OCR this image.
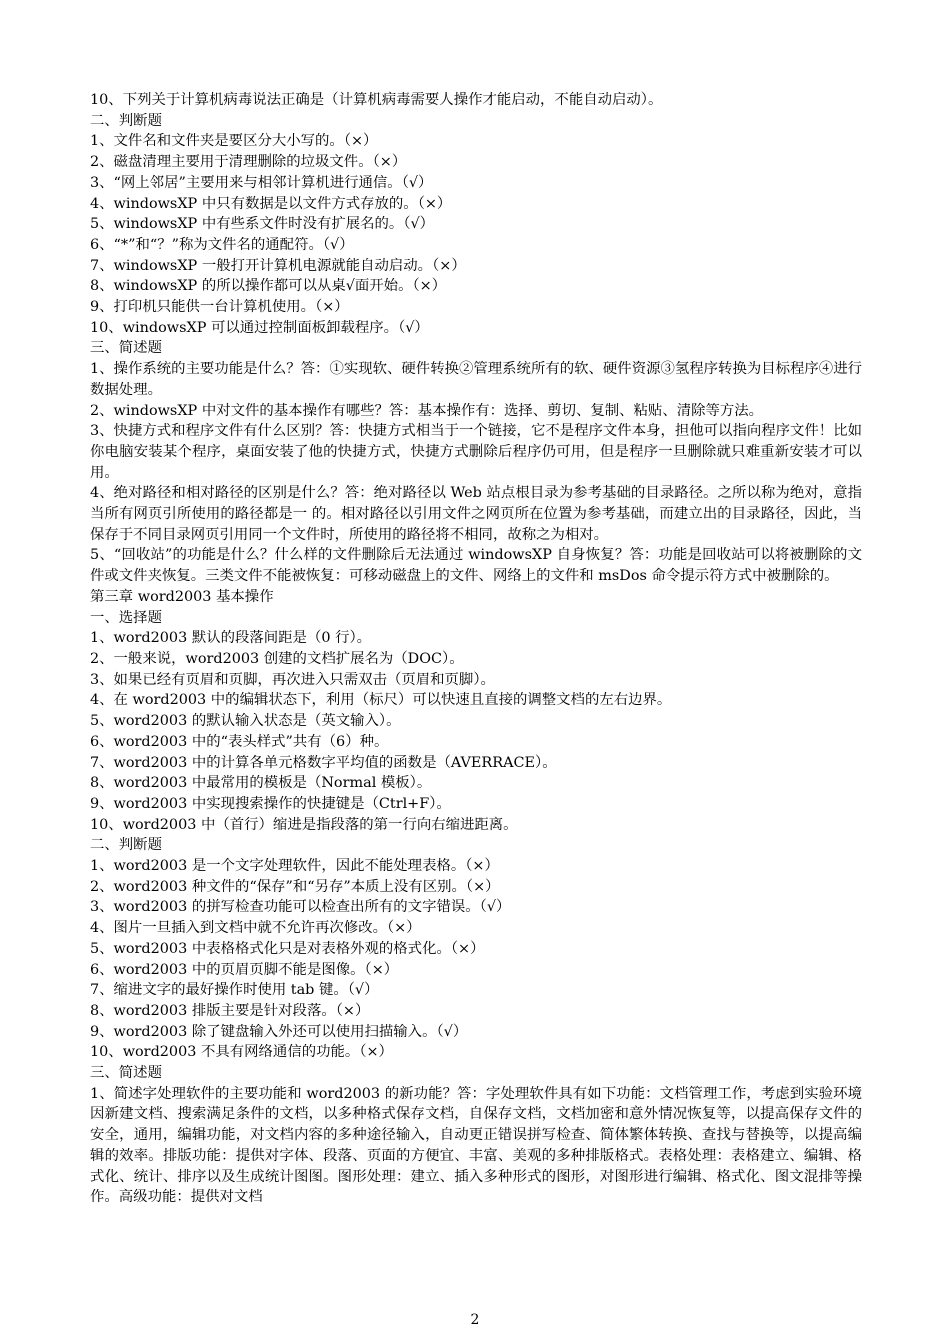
10、下列关于计算机病毒说法正确是（计算机病毒需要人操作才能启动，不能自动启动）。
二、判断题
1、文件名和文件夹是要区分大小写的。（×）
2、磁盘清理主要用于清理删除的垃圾文件。（×）
3、“网上邻居”主要用来与相邻计算机进行通信。（√）
4、windowsXP 中只有数据是以文件方式存放的。（×）
5、windowsXP 中有些系文件时没有扩展名的。（√）
6、“*”和“？”称为文件名的通配符。（√）
7、windowsXP 一般打开计算机电源就能自动启动。（×）
8、windowsXP 的所以操作都可以从桌√面开始。（×）
9、打印机只能供一台计算机使用。（×）
10、windowsXP 可以通过控制面板卸载程序。（√）
三、简述题
1、操作系统的主要功能是什么？答：①实现软、硬件转换②管理系统所有的软、硬件资源③氢程序转换为目标程序④进行数据处理。
2、windowsXP 中对文件的基本操作有哪些？答：基本操作有：选择、剪切、复制、粘贴、清除等方法。
3、快捷方式和程序文件有什么区别？答：快捷方式相当于一个链接，它不是程序文件本身，担他可以指向程序文件！比如你电脑安装某个程序，桌面安装了他的快捷方式，快捷方式删除后程序仍可用，但是程序一旦删除就只难重新安装才可以用。
4、绝对路径和相对路径的区别是什么？答：绝对路径以 Web 站点根目录为参考基础的目录路径。之所以称为绝对，意指当所有网页引所使用的路径都是一 的。相对路径以引用文件之网页所在位置为参考基础，而建立出的目录路径，因此，当保存于不同目录网页引用同一个文件时，所使用的路径将不相同，故称之为相对。
5、“回收站”的功能是什么？什么样的文件删除后无法通过 windowsXP 自身恢复？答：功能是回收站可以将被删除的文件或文件夹恢复。三类文件不能被恢复：可移动磁盘上的文件、网络上的文件和 msDos 命令提示符方式中被删除的。
第三章 word2003 基本操作
一、选择题
1、word2003 默认的段落间距是（0 行）。
2、一般来说，word2003 创建的文档扩展名为（DOC）。
3、如果已经有页眉和页脚，再次进入只需双击（页眉和页脚）。
4、在 word2003 中的编辑状态下，利用（标尺）可以快速且直接的调整文档的左右边界。
5、word2003 的默认输入状态是（英文输入）。
6、word2003 中的“表头样式”共有（6）种。
7、word2003 中的计算各单元格数字平均值的函数是（AVERRACE）。
8、word2003 中最常用的模板是（Normal 模板）。
9、word2003 中实现搜索操作的快捷键是（Ctrl+F）。
10、word2003 中（首行）缩进是指段落的第一行向右缩进距离。
二、判断题
1、word2003 是一个文字处理软件，因此不能处理表格。（×）
2、word2003 种文件的“保存”和“另存”本质上没有区别。（×）
3、word2003 的拼写检查功能可以检查出所有的文字错误。（√）
4、图片一旦插入到文档中就不允许再次修改。（×）
5、word2003 中表格格式化只是对表格外观的格式化。（×）
6、word2003 中的页眉页脚不能是图像。（×）
7、缩进文字的最好操作时使用 tab 键。（√）
8、word2003 排版主要是针对段落。（×）
9、word2003 除了键盘输入外还可以使用扫描输入。（√）
10、word2003 不具有网络通信的功能。（×）
三、简述题
1、简述字处理软件的主要功能和 word2003 的新功能？答：字处理软件具有如下功能：文档管理工作，考虑到实验环境因新建文档、搜索满足条件的文档，以多种格式保存文档，自保存文档，文档加密和意外情况恢复等，以提高保存文件的安全，通用，编辑功能，对文档内容的多种途径输入，自动更正错误拼写检查、简体繁体转换、查找与替换等，以提高编辑的效率。排版功能：提供对字体、段落、页面的方便宜、丰富、美观的多种排版格式。表格处理：表格建立、编辑、格式化、统计、排序以及生成统计图图。图形处理：建立、插入多种形式的图形，对图形进行编辑、格式化、图文混排等操作。高级功能：提供对文档
2
